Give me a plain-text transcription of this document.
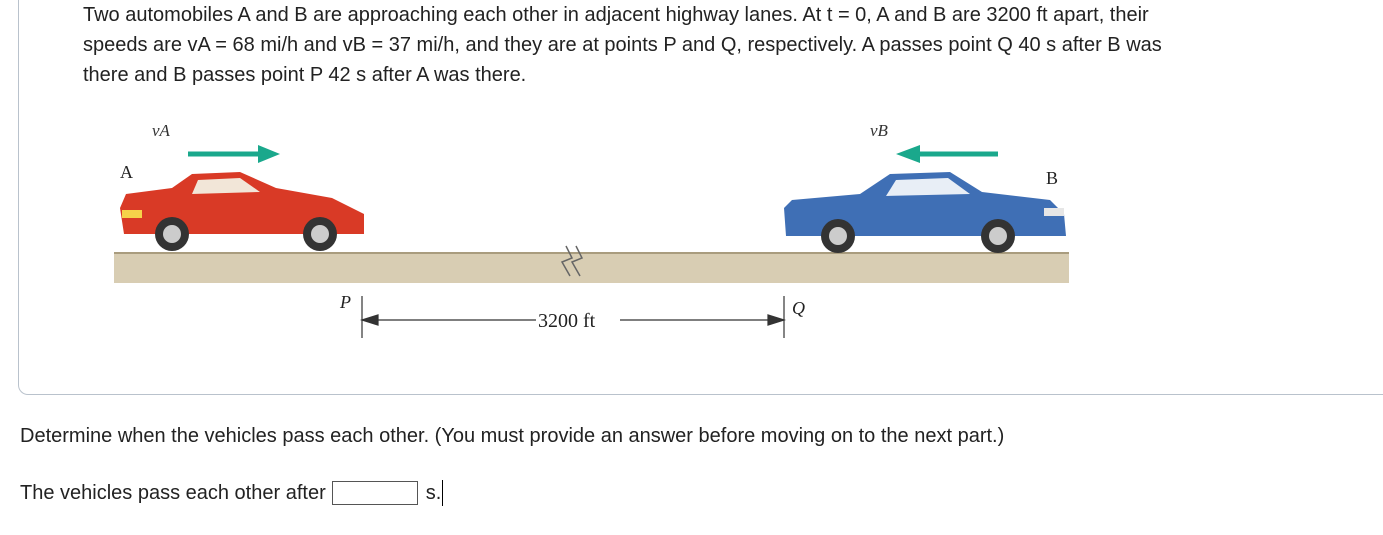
Two automobiles A and B are approaching each other in adjacent highway lanes. At t = 0, A and B are 3200 ft apart, their

speeds are vA = 68 mi/h and vB = 37 mi/h, and they are at points P and Q, respectively. A passes point Q 40 s after B was

there and B passes point P 42 s after A was there.

vA	vB
A	B
P	Q
3200 ft
Determine when the vehicles pass each other. (You must provide an answer before moving on to the next part.)
The vehicles pass each other after	s.
